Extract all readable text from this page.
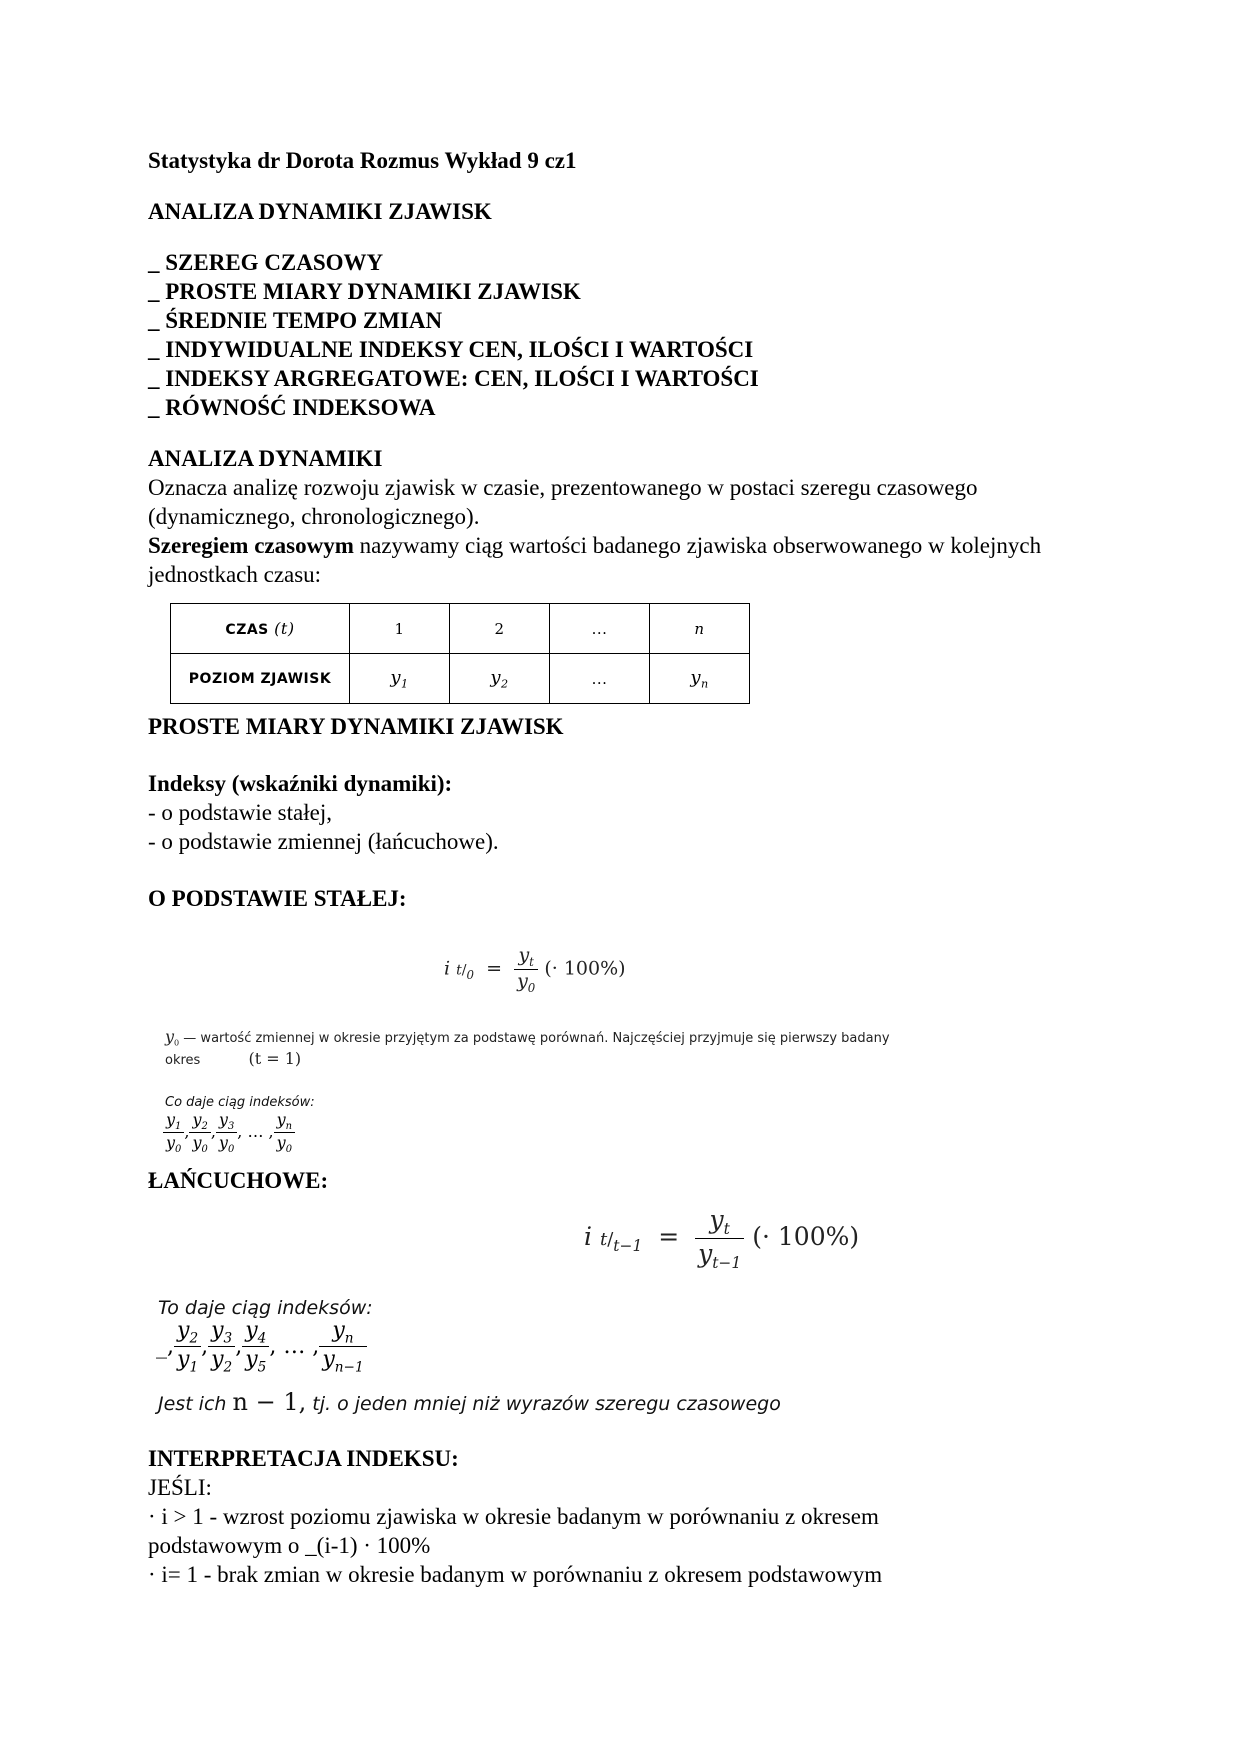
Statystyka dr Dorota Rozmus Wykład 9 cz1

ANALIZA DYNAMIKI ZJAWISK

_ SZEREG CZASOWY

_ PROSTE MIARY DYNAMIKI ZJAWISK

_ ŚREDNIE TEMPO ZMIAN

_ INDYWIDUALNE INDEKSY CEN, ILOŚCI I WARTOŚCI

_ INDEKSY ARGREGATOWE: CEN, ILOŚCI I WARTOŚCI

_ RÓWNOŚĆ INDEKSOWA

ANALIZA DYNAMIKI

Oznacza analizę rozwoju zjawisk w czasie, prezentowanego w postaci szeregu czasowego (dynamicznego, chronologicznego).

Szeregiem czasowym nazywamy ciąg wartości badanego zjawiska obserwowanego w kolejnych jednostkach czasu:

CZAS (t)	1	2	...	n
POZIOM ZJAWISK	$y_1$	$y_2$	...	$y_n$

PROSTE MIARY DYNAMIKI ZJAWISK

Indeksy (wskaźniki dynamiki):

- o podstawie stałej,

- o podstawie zmiennej (łańcuchowe).

O PODSTAWIE STAŁEJ:

i $t/_0 = \frac{y_t}{y_0}$ (· 100%)
$y_0$ — wartość zmiennej w okresie przyjętym za podstawę porównań. Najczęściej przyjmuje się pierwszy badany
okres	(t = 1)
Co daje ciąg indeksów:
$\frac{y_1}{y_0}$ , $\frac{y_2}{y_0}$ , $\frac{y_3}{y_0}$ , … , $\frac{y_n}{y_0}$

ŁAŃCUCHOWE:

i $t/_{t-1} = \frac{y_t}{y_{t-1}}$ (· 100%)
To daje ciąg indeksów:
_, $\frac{y_2}{y_1}$ , $\frac{y_3}{y_2}$ , $\frac{y_4}{y_5}$ , … , $\frac{y_n}{y_{n-1}}$
Jest ich n − 1, tj. o jeden mniej niż wyrazów szeregu czasowego

INTERPRETACJA INDEKSU:

JEŚLI:

· i > 1 - wzrost poziomu zjawiska w okresie badanym w porównaniu z okresem

podstawowym o _(i-1) · 100%

· i= 1 - brak zmian w okresie badanym w porównaniu z okresem podstawowym
